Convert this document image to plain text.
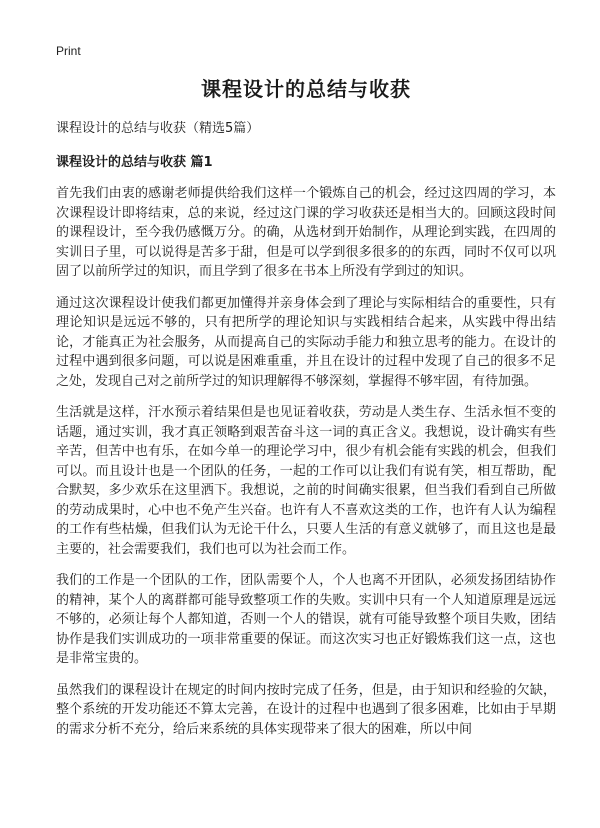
Print
课程设计的总结与收获
课程设计的总结与收获（精选5篇）
课程设计的总结与收获 篇1

首先我们由衷的感谢老师提供给我们这样一个锻炼自己的机会，经过这四周的学习，本次课程设计即将结束，总的来说，经过这门课的学习收获还是相当大的。回顾这段时间的课程设计，至今我仍感慨万分。的确，从选材到开始制作，从理论到实践，在四周的实训日子里，可以说得是苦多于甜，但是可以学到很多很多的的东西，同时不仅可以巩固了以前所学过的知识，而且学到了很多在书本上所没有学到过的知识。

通过这次课程设计使我们都更加懂得并亲身体会到了理论与实际相结合的重要性，只有理论知识是远远不够的，只有把所学的理论知识与实践相结合起来，从实践中得出结论，才能真正为社会服务，从而提高自己的实际动手能力和独立思考的能力。在设计的过程中遇到很多问题，可以说是困难重重，并且在设计的过程中发现了自己的很多不足之处，发现自己对之前所学过的知识理解得不够深刻，掌握得不够牢固，有待加强。

生活就是这样，汗水预示着结果但是也见证着收获，劳动是人类生存、生活永恒不变的话题，通过实训，我才真正领略到艰苦奋斗这一词的真正含义。我想说，设计确实有些辛苦，但苦中也有乐，在如今单一的理论学习中，很少有机会能有实践的机会，但我们可以。而且设计也是一个团队的任务，一起的工作可以让我们有说有笑，相互帮助，配合默契，多少欢乐在这里洒下。我想说，之前的时间确实很累，但当我们看到自己所做的劳动成果时，心中也不免产生兴奋。也许有人不喜欢这类的工作，也许有人认为编程的工作有些枯燥，但我们认为无论干什么，只要人生活的有意义就够了，而且这也是最主要的，社会需要我们，我们也可以为社会而工作。

我们的工作是一个团队的工作，团队需要个人，个人也离不开团队，必须发扬团结协作的精神，某个人的离群都可能导致整项工作的失败。实训中只有一个人知道原理是远远不够的，必须让每个人都知道，否则一个人的错误，就有可能导致整个项目失败，团结协作是我们实训成功的一项非常重要的保证。而这次实习也正好锻炼我们这一点，这也是非常宝贵的。

虽然我们的课程设计在规定的时间内按时完成了任务，但是，由于知识和经验的欠缺，整个系统的开发功能还不算太完善，在设计的过程中也遇到了很多困难，比如由于早期的需求分析不充分，给后来系统的具体实现带来了很大的困难，所以中间
